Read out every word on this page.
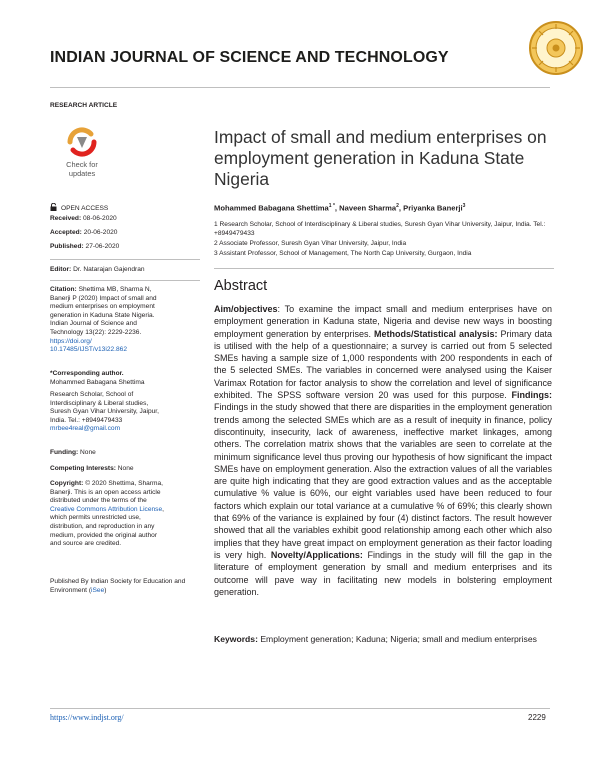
INDIAN JOURNAL OF SCIENCE AND TECHNOLOGY
RESEARCH ARTICLE
Check for
updates
OPEN ACCESS
Received: 08-06-2020
Accepted: 20-06-2020
Published: 27-06-2020
Editor: Dr. Natarajan Gajendran
Citation: Shettima MB, Sharma N, Banerji P (2020) Impact of small and medium enterprises on employment generation in Kaduna State Nigeria. Indian Journal of Science and Technology 13(22): 2229-2236. https://doi.org/ 10.17485/IJST/v13i22.862
*Corresponding author.
Mohammed Babagana Shettima
Research Scholar, School of Interdisciplinary & Liberal studies, Suresh Gyan Vihar University, Jaipur, India. Tel.: +8949479433
mrbee4real@gmail.com
Funding: None
Competing Interests: None
Copyright: © 2020 Shettima, Sharma, Banerji. This is an open access article distributed under the terms of the Creative Commons Attribution License, which permits unrestricted use, distribution, and reproduction in any medium, provided the original author and source are credited.
Published By Indian Society for Education and Environment (iSee)
Impact of small and medium enterprises on employment generation in Kaduna State Nigeria
Mohammed Babagana Shettima$^{1 *}$, Naveen Sharma$^2$, Priyanka Banerji$^3$
1 Research Scholar, School of Interdisciplinary & Liberal studies, Suresh Gyan Vihar University, Jaipur, India. Tel.: +8949479433
2 Associate Professor, Suresh Gyan Vihar University, Jaipur, India
3 Assistant Professor, School of Management, The North Cap University, Gurgaon, India
Abstract

Aim/objectives: To examine the impact small and medium enterprises have on employment generation in Kaduna state, Nigeria and devise new ways in boosting employment generation by enterprises. Methods/Statistical analysis: Primary data is utilised with the help of a questionnaire; a survey is carried out from 5 selected SMEs having a sample size of 1,000 respondents with 200 respondents in each of the 5 selected SMEs. The variables in concerned were analysed using the Kaiser Varimax Rotation for factor analysis to show the correlation and level of significance exhibited. The SPSS software version 20 was used for this purpose. Findings: Findings in the study showed that there are disparities in the employment generation trends among the selected SMEs which are as a result of inequity in finance, policy discontinuity, insecurity, lack of awareness, ineffective market linkages, among others. The correlation matrix shows that the variables are seen to correlate at the minimum significance level thus proving our hypothesis of how significant the impact SMEs have on employment generation. Also the extraction values of all the variables are quite high indicating that they are good extraction values and as the acceptable cumulative % value is 60%, our eight variables used have been reduced to four factors which explain our total variance at a cumulative % of 69%; this clearly shown that 69% of the variance is explained by four (4) distinct factors. The result however showed that all the variables exhibit good relationship among each other which also implies that they have great impact on employment generation as their factor loading is very high. Novelty/Applications: Findings in the study will fill the gap in the literature of employment generation by small and medium enterprises and its outcome will pave way in facilitating new models in bolstering employment generation.

Keywords: Employment generation; Kaduna; Nigeria; small and medium enterprises
https://www.indjst.org/	2229
